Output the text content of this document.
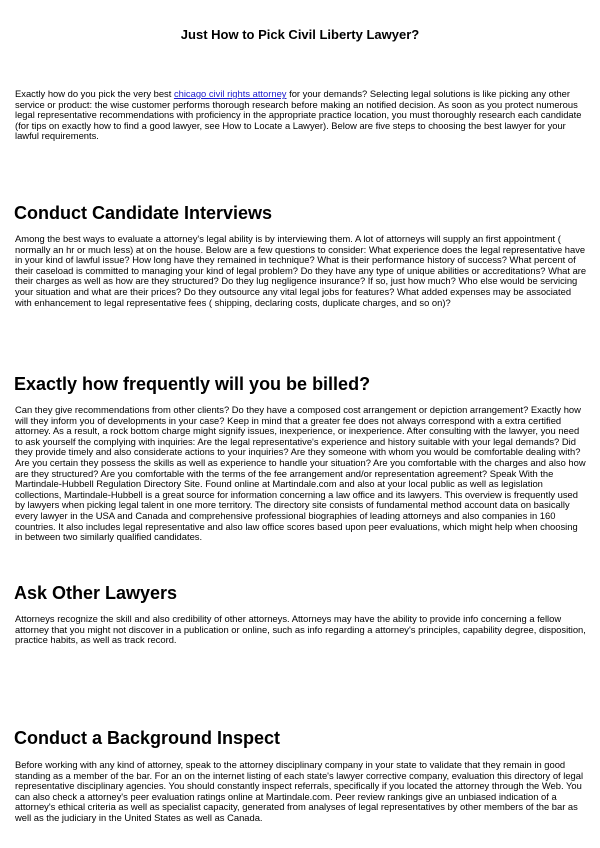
Just How to Pick Civil Liberty Lawyer?

Exactly how do you pick the very best chicago civil rights attorney for your demands? Selecting legal solutions is like picking any other service or product: the wise customer performs thorough research before making an notified decision. As soon as you protect numerous legal representative recommendations with proficiency in the appropriate practice location, you must thoroughly research each candidate (for tips on exactly how to find a good lawyer, see How to Locate a Lawyer). Below are five steps to choosing the best lawyer for your lawful requirements.

Conduct Candidate Interviews

Among the best ways to evaluate a attorney's legal ability is by interviewing them. A lot of attorneys will supply an first appointment ( normally an hr or much less) at on the house. Below are a few questions to consider: What experience does the legal representative have in your kind of lawful issue? How long have they remained in technique? What is their performance history of success? What percent of their caseload is committed to managing your kind of legal problem? Do they have any type of unique abilities or accreditations? What are their charges as well as how are they structured? Do they lug negligence insurance? If so, just how much? Who else would be servicing your situation and what are their prices? Do they outsource any vital legal jobs for features? What added expenses may be associated with enhancement to legal representative fees ( shipping, declaring costs, duplicate charges, and so on)?

Exactly how frequently will you be billed?

Can they give recommendations from other clients? Do they have a composed cost arrangement or depiction arrangement? Exactly how will they inform you of developments in your case? Keep in mind that a greater fee does not always correspond with a extra certified attorney. As a result, a rock bottom charge might signify issues, inexperience, or inexperience. After consulting with the lawyer, you need to ask yourself the complying with inquiries: Are the legal representative's experience and history suitable with your legal demands? Did they provide timely and also considerate actions to your inquiries? Are they someone with whom you would be comfortable dealing with? Are you certain they possess the skills as well as experience to handle your situation? Are you comfortable with the charges and also how are they structured? Are you comfortable with the terms of the fee arrangement and/or representation agreement? Speak With the Martindale-Hubbell Regulation Directory Site. Found online at Martindale.com and also at your local public as well as legislation collections, Martindale-Hubbell is a great source for information concerning a law office and its lawyers. This overview is frequently used by lawyers when picking legal talent in one more territory. The directory site consists of fundamental method account data on basically every lawyer in the USA and Canada and comprehensive professional biographies of leading attorneys and also companies in 160 countries. It also includes legal representative and also law office scores based upon peer evaluations, which might help when choosing in between two similarly qualified candidates.

Ask Other Lawyers

Attorneys recognize the skill and also credibility of other attorneys. Attorneys may have the ability to provide info concerning a fellow attorney that you might not discover in a publication or online, such as info regarding a attorney's principles, capability degree, disposition, practice habits, as well as track record.

Conduct a Background Inspect

Before working with any kind of attorney, speak to the attorney disciplinary company in your state to validate that they remain in good standing as a member of the bar. For an on the internet listing of each state's lawyer corrective company, evaluation this directory of legal representative disciplinary agencies. You should constantly inspect referrals, specifically if you located the attorney through the Web. You can also check a attorney's peer evaluation ratings online at Martindale.com. Peer review rankings give an unbiased indication of a attorney's ethical criteria as well as specialist capacity, generated from analyses of legal representatives by other members of the bar as well as the judiciary in the United States as well as Canada.
